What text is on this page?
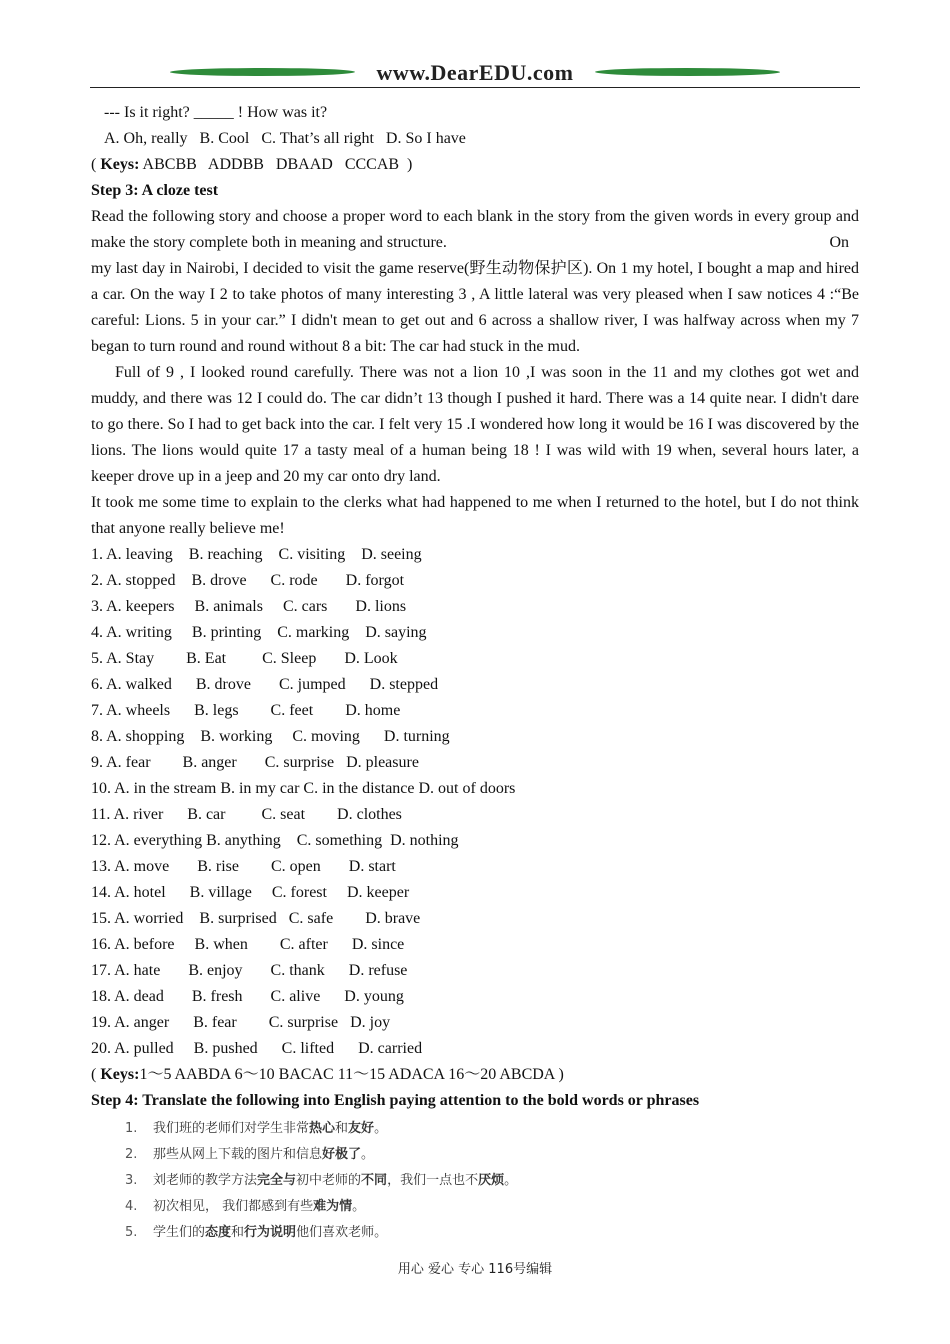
www.DearEDU.com
--- Is it right? _____ ! How was it?
A. Oh, really   B. Cool   C. That’s all right   D. So I have
( Keys: ABCBB   ADDBB   DBAAD   CCCAB  )
Step 3: A cloze test
Read the following story and choose a proper word to each blank in the story from the given words in every group and make the story complete both in meaning and structure.	On
my last day in Nairobi, I decided to visit the game reserve(野生动物保护区). On 1 my hotel, I bought a map and hired a car. On the way I 2 to take photos of many interesting 3 , A little lateral was very pleased when I saw notices 4 :“Be careful: Lions. 5 in your car.” I didn't mean to get out and 6 across a shallow river, I was halfway across when my 7 began to turn round and round without 8 a bit: The car had stuck in the mud.
Full of 9 , I looked round carefully. There was not a lion 10 ,I was soon in the 11 and my clothes got wet and muddy, and there was 12 I could do. The car didn’t 13 though I pushed it hard. There was a 14 quite near. I didn't dare to go there. So I had to get back into the car. I felt very 15 .I wondered how long it would be 16 I was discovered by the lions. The lions would quite 17 a tasty meal of a human being 18 ! I was wild with 19 when, several hours later, a keeper drove up in a jeep and 20 my car onto dry land.
It took me some time to explain to the clerks what had happened to me when I returned to the hotel, but I do not think that anyone really believe me!
1. A. leaving    B. reaching    C. visiting    D. seeing
2. A. stopped    B. drove      C. rode       D. forgot
3. A. keepers     B. animals     C. cars       D. lions
4. A. writing     B. printing    C. marking    D. saying
5. A. Stay        B. Eat         C. Sleep       D. Look
6. A. walked      B. drove       C. jumped      D. stepped
7. A. wheels      B. legs        C. feet        D. home
8. A. shopping    B. working     C. moving      D. turning
9. A. fear        B. anger       C. surprise   D. pleasure
10. A. in the stream B. in my car C. in the distance D. out of doors
11. A. river      B. car         C. seat        D. clothes
12. A. everything B. anything    C. something  D. nothing
13. A. move       B. rise        C. open       D. start
14. A. hotel      B. village     C. forest     D. keeper
15. A. worried    B. surprised   C. safe        D. brave
16. A. before     B. when        C. after      D. since
17. A. hate       B. enjoy       C. thank      D. refuse
18. A. dead       B. fresh       C. alive      D. young
19. A. anger      B. fear        C. surprise   D. joy
20. A. pulled     B. pushed      C. lifted      D. carried
( Keys:1～5 AABDA 6～10 BACAC 11～15 ADACA 16～20 ABCDA )
Step 4: Translate the following into English paying attention to the bold words or phrases
1. 我们班的老师们对学生非常热心和友好。
2. 那些从网上下载的图片和信息好极了。
3. 刘老师的教学方法完全与初中老师的不同，我们一点也不厌烦。
4. 初次相见， 我们都感到有些难为情。
5. 学生们的态度和行为说明他们喜欢老师。
用心 爱心 专心 116号编辑
